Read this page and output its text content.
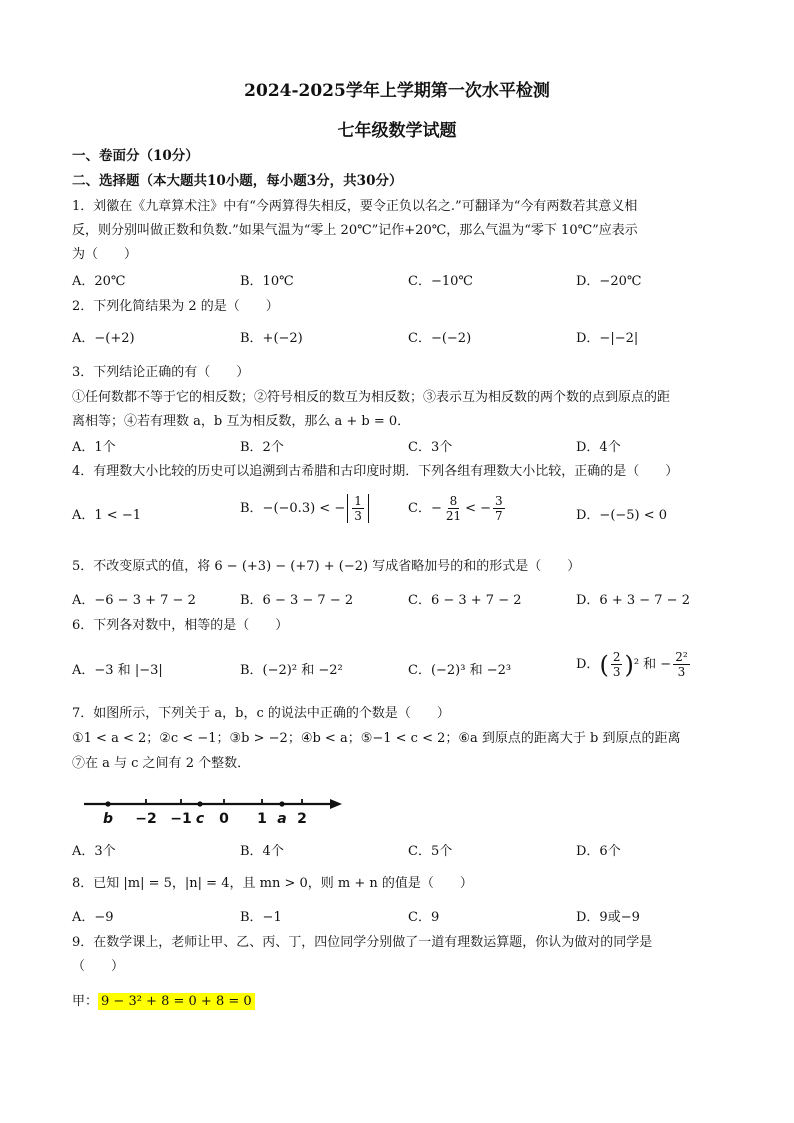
2024-2025学年上学期第一次水平检测
七年级数学试题
一、卷面分（10分）
二、选择题（本大题共10小题，每小题3分，共30分）
1．刘徽在《九章算术注》中有“今两算得失相反，要令正负以名之.”可翻译为“今有两数若其意义相
反，则分别叫做正数和负数.”如果气温为“零上 20℃”记作+20℃，那么气温为“零下 10℃”应表示
为（　　）
A．20℃	B．10℃	C．−10℃	D．−20℃
2．下列化简结果为 2 的是（　　）
A．−(+2)	B．+(−2)	C．−(−2)	D．−|−2|
3．下列结论正确的有（　　）
①任何数都不等于它的相反数；②符号相反的数互为相反数；③表示互为相反数的两个数的点到原点的距
离相等；④若有理数 a，b 互为相反数，那么 a + b = 0．
A．1个	B．2个	C．3个	D．4个
4．有理数大小比较的历史可以追溯到古希腊和古印度时期．下列各组有理数大小比较，正确的是（　　）
A．1 < −1	B．−(−0.3) < − $\frac{1}{3}$	C．− $\frac{8}{21}$ < − $\frac{3}{7}$	D．−(−5) < 0
5．不改变原式的值，将 6 − (+3) − (+7) + (−2) 写成省略加号的和的形式是（　　）
A．−6 − 3 + 7 − 2	B．6 − 3 − 7 − 2	C．6 − 3 + 7 − 2	D．6 + 3 − 7 − 2
6．下列各对数中，相等的是（　　）
A．−3 和 |−3|	B．(−2)² 和 −2²	C．(−2)³ 和 −2³	D． ( $\frac{2}{3}$ ) ² 和 − $\frac{\text{2²}}{3}$
7．如图所示，下列关于 a，b，c 的说法中正确的个数是（　　）
①1 < a < 2；②c < −1；③b > −2；④b < a；⑤−1 < c < 2；⑥a 到原点的距离大于 b 到原点的距离
⑦在 a 与 c 之间有 2 个整数．
b −2 −1 c 0 1 a 2
A．3个	B．4个	C．5个	D．6个
8．已知 |m| = 5，|n| = 4，且 mn > 0，则 m + n 的值是（　　）
A．−9	B．−1	C．9	D．9或−9
9．在数学课上，老师让甲、乙、丙、丁，四位同学分别做了一道有理数运算题，你认为做对的同学是
（　　）
甲： 9 − 3² + 8 = 0 + 8 = 0
